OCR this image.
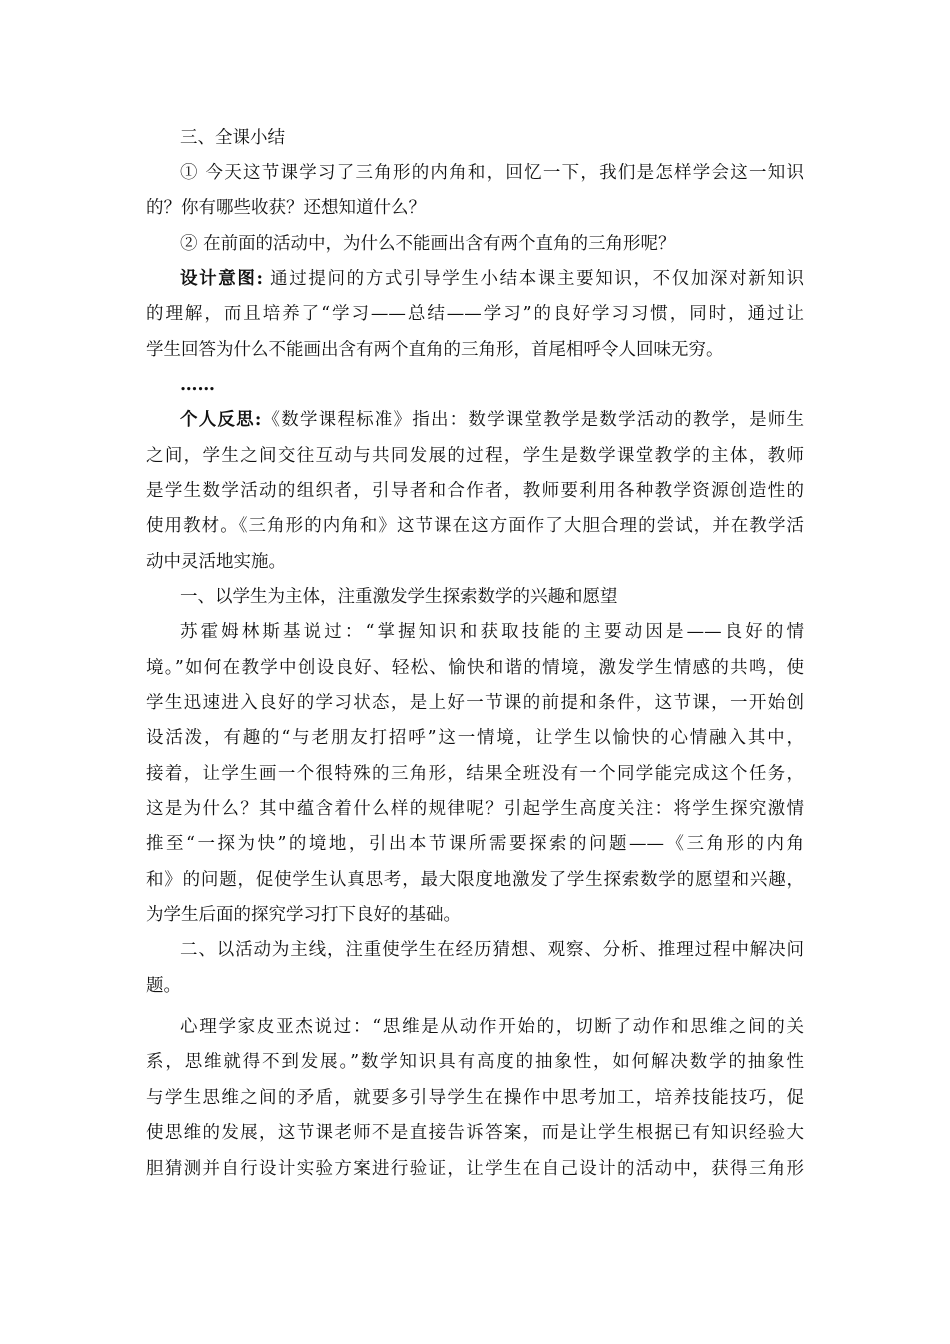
三、全课小结
① 今天这节课学习了三角形的内角和，回忆一下，我们是怎样学会这一知识
的？你有哪些收获？还想知道什么？
② 在前面的活动中，为什么不能画出含有两个直角的三角形呢？
设计意图: 通过提问的方式引导学生小结本课主要知识，不仅加深对新知识
的理解，而且培养了“学习——总结——学习”的良好学习习惯，同时，通过让
学生回答为什么不能画出含有两个直角的三角形，首尾相呼令人回味无穷。
……
个人反思:《数学课程标准》指出：数学课堂教学是数学活动的教学，是师生
之间，学生之间交往互动与共同发展的过程，学生是数学课堂教学的主体，教师
是学生数学活动的组织者，引导者和合作者，教师要利用各种教学资源创造性的
使用教材。《三角形的内角和》这节课在这方面作了大胆合理的尝试，并在教学活
动中灵活地实施。
一、以学生为主体，注重激发学生探索数学的兴趣和愿望
苏霍姆林斯基说过：“掌握知识和获取技能的主要动因是——良好的情
境。”如何在教学中创设良好、轻松、愉快和谐的情境，激发学生情感的共鸣，使
学生迅速进入良好的学习状态，是上好一节课的前提和条件，这节课，一开始创
设活泼，有趣的“与老朋友打招呼”这一情境，让学生以愉快的心情融入其中，
接着，让学生画一个很特殊的三角形，结果全班没有一个同学能完成这个任务，
这是为什么？其中蕴含着什么样的规律呢？引起学生高度关注：将学生探究激情
推至“一探为快”的境地，引出本节课所需要探索的问题——《三角形的内角
和》的问题，促使学生认真思考，最大限度地激发了学生探索数学的愿望和兴趣，
为学生后面的探究学习打下良好的基础。
二、以活动为主线，注重使学生在经历猜想、观察、分析、推理过程中解决问
题。
心理学家皮亚杰说过：“思维是从动作开始的，切断了动作和思维之间的关
系，思维就得不到发展。”数学知识具有高度的抽象性，如何解决数学的抽象性
与学生思维之间的矛盾，就要多引导学生在操作中思考加工，培养技能技巧，促
使思维的发展，这节课老师不是直接告诉答案，而是让学生根据已有知识经验大
胆猜测并自行设计实验方案进行验证，让学生在自己设计的活动中，获得三角形
